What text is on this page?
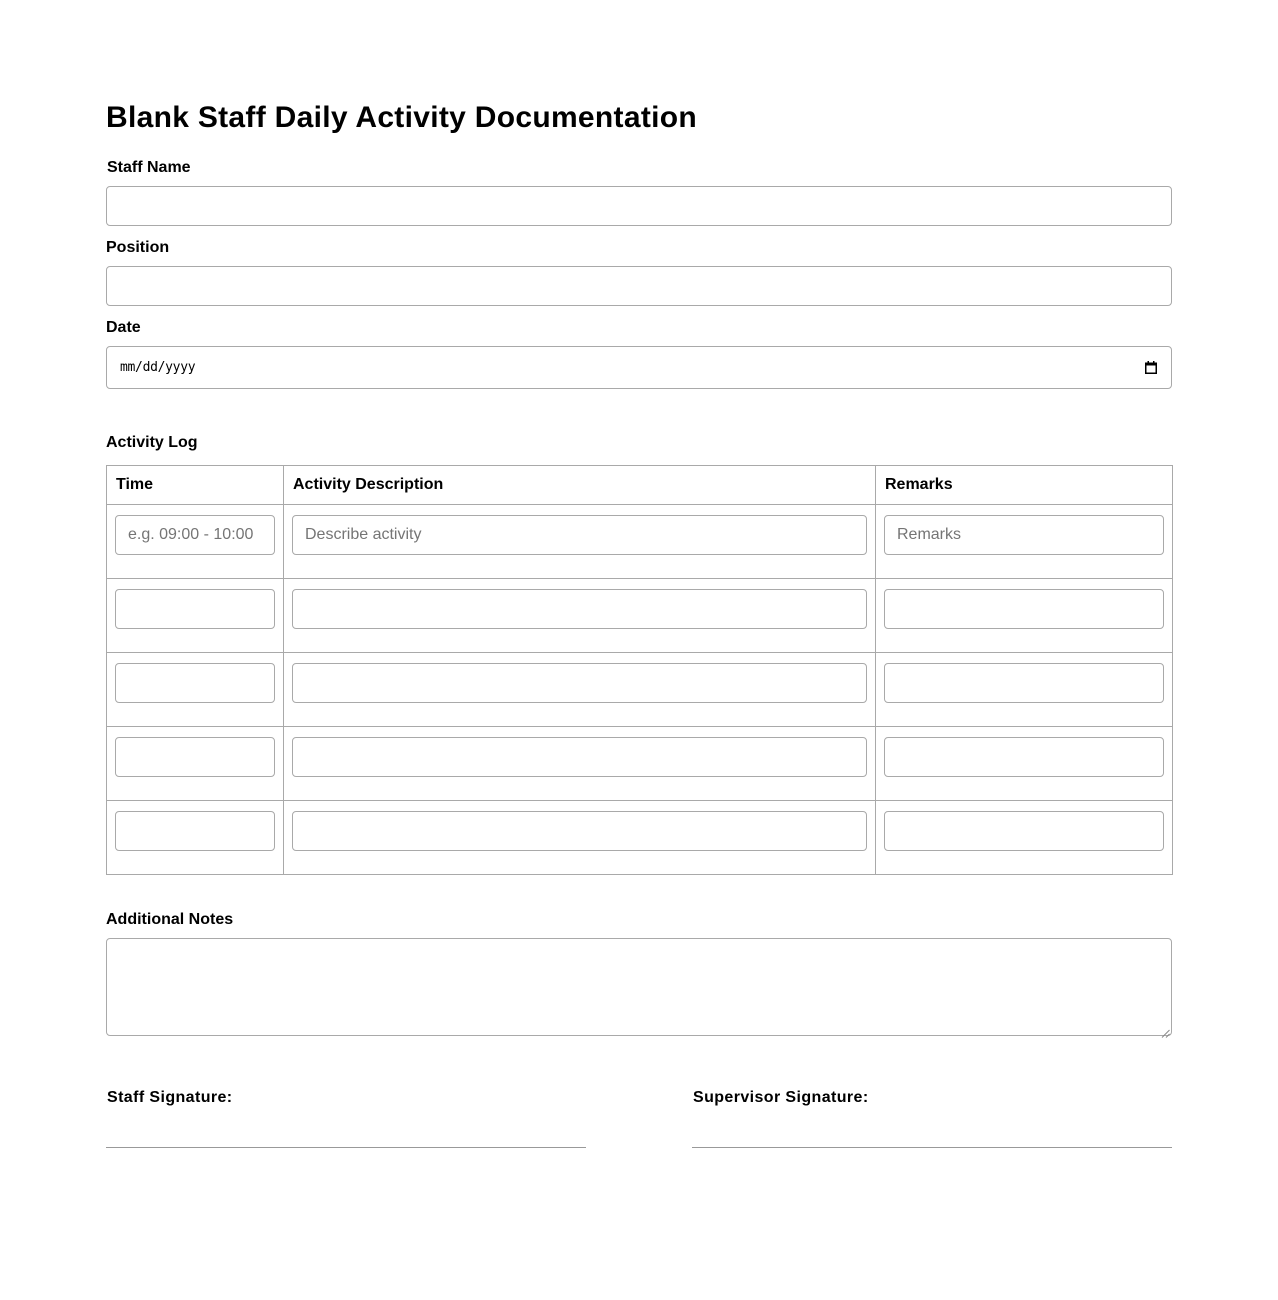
Blank Staff Daily Activity Documentation
Staff Name
Position
Date
mm/dd/yyyy
Activity Log
Time	Activity Description	Remarks

e.g. 09:00 - 10:00	Describe activity	Remarks

Additional Notes
Staff Signature:	Supervisor Signature:
